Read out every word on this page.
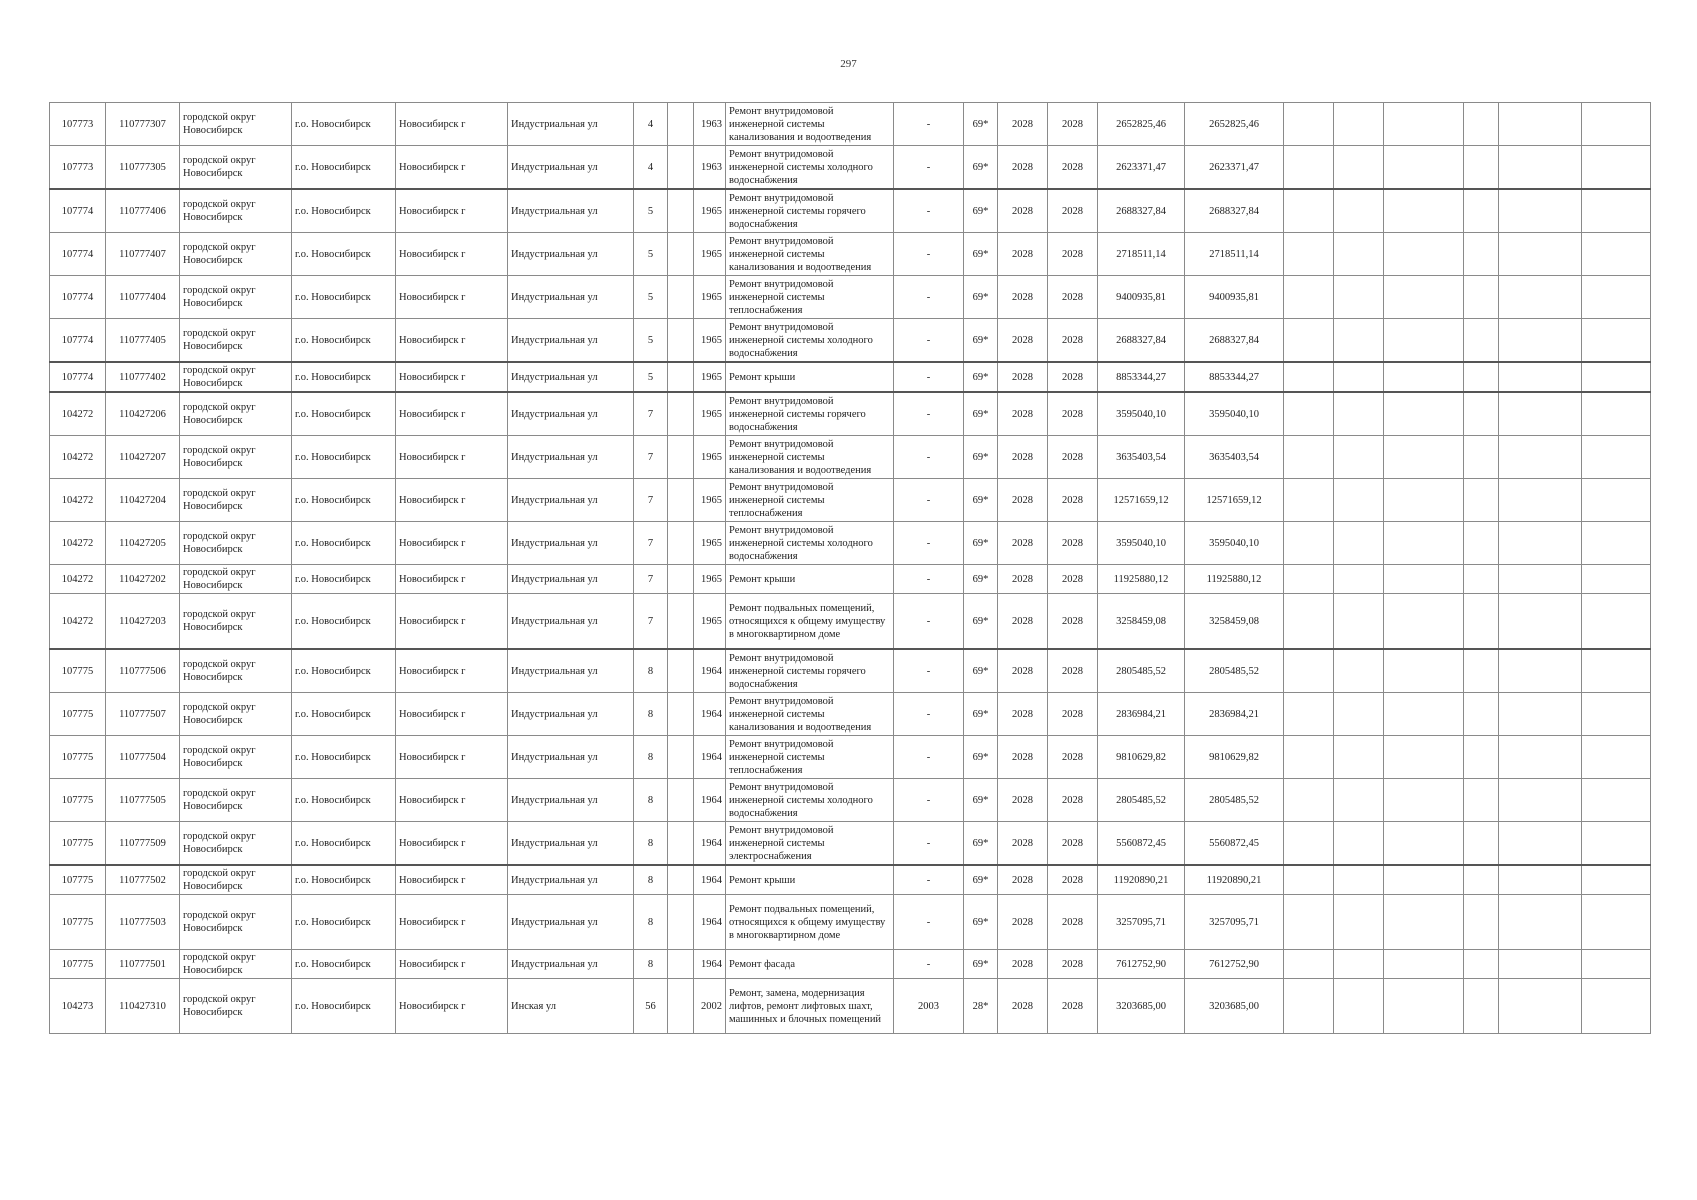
297
107773	110777307	городской округ Новосибирск	г.о. Новосибирск	Новосибирск г	Индустриальная ул	4		1963	Ремонт внутридомовой инженерной системы канализования и водоотведения	-	69*	2028	2028	2652825,46	2652825,46						
107773	110777305	городской округ Новосибирск	г.о. Новосибирск	Новосибирск г	Индустриальная ул	4		1963	Ремонт внутридомовой инженерной системы холодного водоснабжения	-	69*	2028	2028	2623371,47	2623371,47						
107774	110777406	городской округ Новосибирск	г.о. Новосибирск	Новосибирск г	Индустриальная ул	5		1965	Ремонт внутридомовой инженерной системы горячего водоснабжения	-	69*	2028	2028	2688327,84	2688327,84						
107774	110777407	городской округ Новосибирск	г.о. Новосибирск	Новосибирск г	Индустриальная ул	5		1965	Ремонт внутридомовой инженерной системы канализования и водоотведения	-	69*	2028	2028	2718511,14	2718511,14						
107774	110777404	городской округ Новосибирск	г.о. Новосибирск	Новосибирск г	Индустриальная ул	5		1965	Ремонт внутридомовой инженерной системы теплоснабжения	-	69*	2028	2028	9400935,81	9400935,81						
107774	110777405	городской округ Новосибирск	г.о. Новосибирск	Новосибирск г	Индустриальная ул	5		1965	Ремонт внутридомовой инженерной системы холодного водоснабжения	-	69*	2028	2028	2688327,84	2688327,84						
107774	110777402	городской округ Новосибирск	г.о. Новосибирск	Новосибирск г	Индустриальная ул	5		1965	Ремонт крыши	-	69*	2028	2028	8853344,27	8853344,27						
104272	110427206	городской округ Новосибирск	г.о. Новосибирск	Новосибирск г	Индустриальная ул	7		1965	Ремонт внутридомовой инженерной системы горячего водоснабжения	-	69*	2028	2028	3595040,10	3595040,10						
104272	110427207	городской округ Новосибирск	г.о. Новосибирск	Новосибирск г	Индустриальная ул	7		1965	Ремонт внутридомовой инженерной системы канализования и водоотведения	-	69*	2028	2028	3635403,54	3635403,54						
104272	110427204	городской округ Новосибирск	г.о. Новосибирск	Новосибирск г	Индустриальная ул	7		1965	Ремонт внутридомовой инженерной системы теплоснабжения	-	69*	2028	2028	12571659,12	12571659,12						
104272	110427205	городской округ Новосибирск	г.о. Новосибирск	Новосибирск г	Индустриальная ул	7		1965	Ремонт внутридомовой инженерной системы холодного водоснабжения	-	69*	2028	2028	3595040,10	3595040,10						
104272	110427202	городской округ Новосибирск	г.о. Новосибирск	Новосибирск г	Индустриальная ул	7		1965	Ремонт крыши	-	69*	2028	2028	11925880,12	11925880,12						
104272	110427203	городской округ Новосибирск	г.о. Новосибирск	Новосибирск г	Индустриальная ул	7		1965	Ремонт подвальных помещений, относящихся к общему имуществу в многоквартирном доме	-	69*	2028	2028	3258459,08	3258459,08						
107775	110777506	городской округ Новосибирск	г.о. Новосибирск	Новосибирск г	Индустриальная ул	8		1964	Ремонт внутридомовой инженерной системы горячего водоснабжения	-	69*	2028	2028	2805485,52	2805485,52						
107775	110777507	городской округ Новосибирск	г.о. Новосибирск	Новосибирск г	Индустриальная ул	8		1964	Ремонт внутридомовой инженерной системы канализования и водоотведения	-	69*	2028	2028	2836984,21	2836984,21						
107775	110777504	городской округ Новосибирск	г.о. Новосибирск	Новосибирск г	Индустриальная ул	8		1964	Ремонт внутридомовой инженерной системы теплоснабжения	-	69*	2028	2028	9810629,82	9810629,82						
107775	110777505	городской округ Новосибирск	г.о. Новосибирск	Новосибирск г	Индустриальная ул	8		1964	Ремонт внутридомовой инженерной системы холодного водоснабжения	-	69*	2028	2028	2805485,52	2805485,52						
107775	110777509	городской округ Новосибирск	г.о. Новосибирск	Новосибирск г	Индустриальная ул	8		1964	Ремонт внутридомовой инженерной системы электроснабжения	-	69*	2028	2028	5560872,45	5560872,45						
107775	110777502	городской округ Новосибирск	г.о. Новосибирск	Новосибирск г	Индустриальная ул	8		1964	Ремонт крыши	-	69*	2028	2028	11920890,21	11920890,21						
107775	110777503	городской округ Новосибирск	г.о. Новосибирск	Новосибирск г	Индустриальная ул	8		1964	Ремонт подвальных помещений, относящихся к общему имуществу в многоквартирном доме	-	69*	2028	2028	3257095,71	3257095,71						
107775	110777501	городской округ Новосибирск	г.о. Новосибирск	Новосибирск г	Индустриальная ул	8		1964	Ремонт фасада	-	69*	2028	2028	7612752,90	7612752,90						
104273	110427310	городской округ Новосибирск	г.о. Новосибирск	Новосибирск г	Инская ул	56		2002	Ремонт, замена, модернизация лифтов, ремонт лифтовых шахт, машинных и блочных помещений	2003	28*	2028	2028	3203685,00	3203685,00						
